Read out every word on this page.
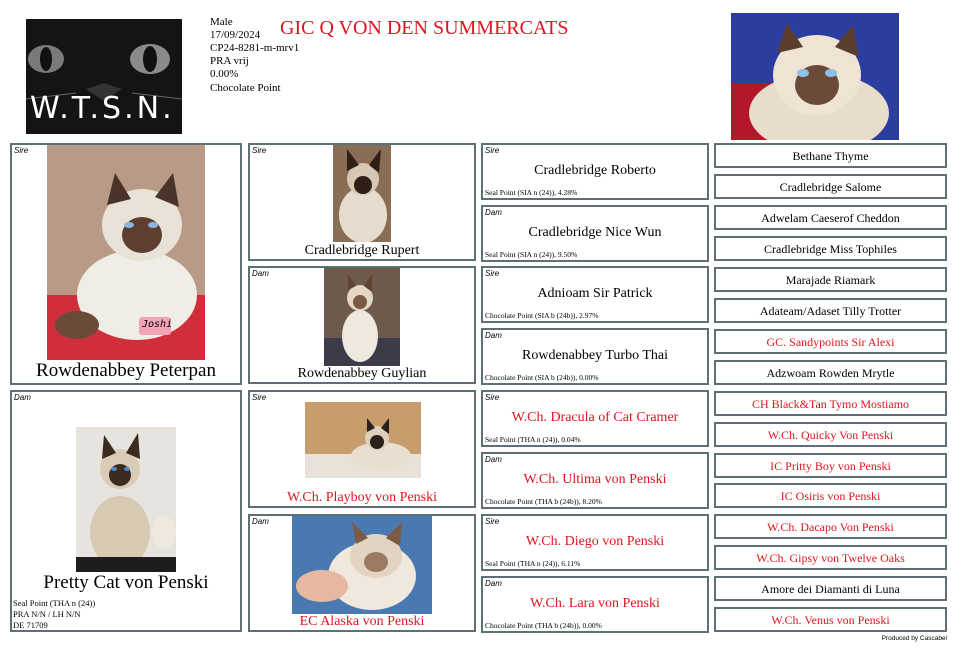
W.T.S.N.
Male
17/09/2024
CP24-8281-m-mrv1
PRA vrij
0.00%
Chocolate Point
GIC Q VON DEN SUMMERCATS
Sire
Joshi
Rowdenabbey Peterpan
Dam
Pretty Cat von Penski
Seal Point (THA n (24))
PRA N/N / LH N/N
DE 71709
Sire
Cradlebridge Rupert
Dam
Rowdenabbey Guylian
Sire
W.Ch. Playboy von Penski
Dam
EC Alaska von Penski
Sire
Cradlebridge Roberto
Seal Point (SIA n (24)), 4.28%
Dam
Cradlebridge Nice Wun
Seal Point (SIA n (24)), 9.50%
Sire
Adnioam Sir Patrick
Chocolate Point (SIA b (24b)), 2.97%
Dam
Rowdenabbey Turbo Thai
Chocolate Point (SIA b (24b)), 0.00%
Sire
W.Ch. Dracula of Cat Cramer
Seal Point (THA n (24)), 0.04%
Dam
W.Ch. Ultima von Penski
Chocolate Point (THA b (24b)), 8.20%
Sire
W.Ch. Diego von Penski
Seal Point (THA n (24)), 6.11%
Dam
W.Ch. Lara von Penski
Chocolate Point (THA b (24b)), 0.00%
Bethane Thyme
Cradlebridge Salome
Adwelam Caeserof Cheddon
Cradlebridge Miss Tophiles
Marajade Riamark
Adateam/Adaset Tilly Trotter
GC. Sandypoints Sir Alexi
Adzwoam Rowden Mrytle
CH Black&Tan Tymo Mostiamo
W.Ch. Quicky Von Penski
IC Pritty Boy von Penski
IC Osiris von Penski
W.Ch. Dacapo Von Penski
W.Ch. Gipsy von Twelve Oaks
Amore dei Diamanti di Luna
W.Ch. Venus von Penski
Produced by Cascabel
